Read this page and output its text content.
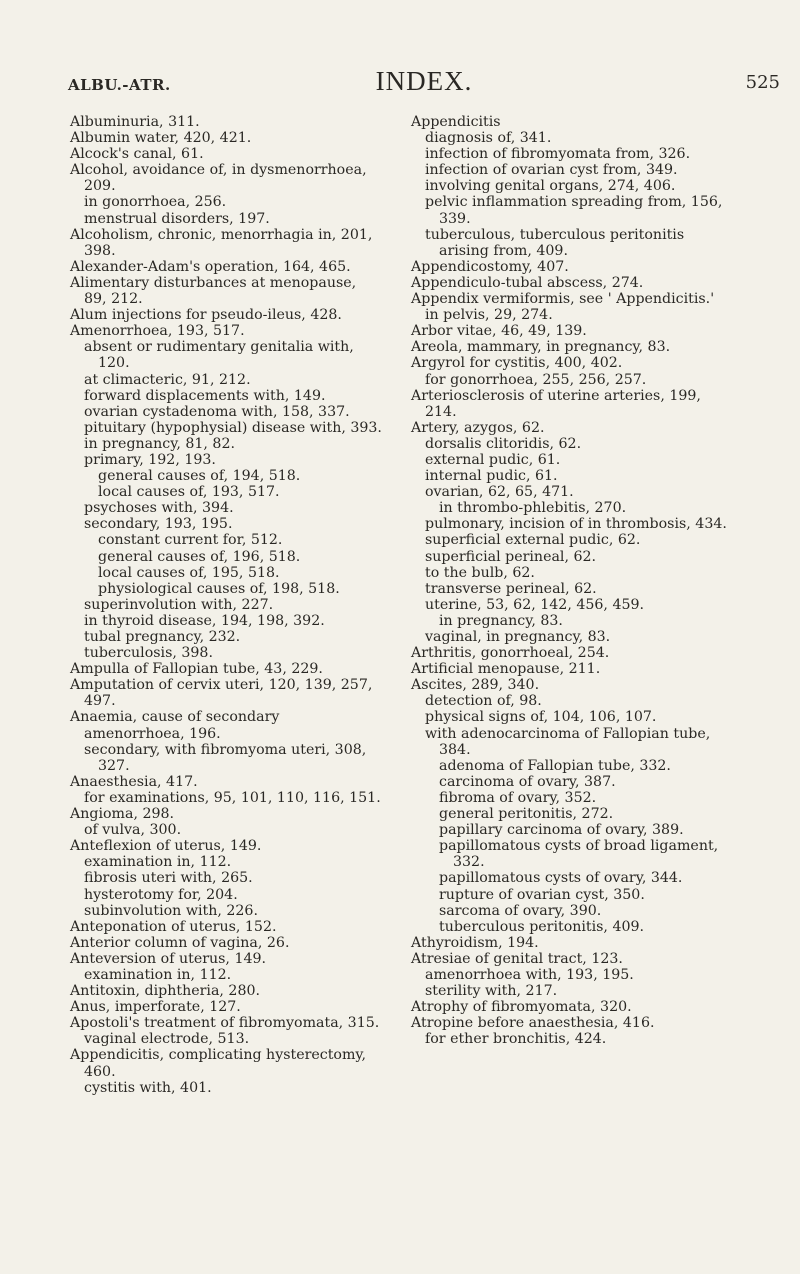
ALBU.-ATR.	INDEX.	525

Albuminuria, 311.

Albumin water, 420, 421.

Alcock's canal, 61.

Alcohol, avoidance of, in dysmenorrhoea, 209.

in gonorrhoea, 256.

menstrual disorders, 197.

Alcoholism, chronic, menorrhagia in, 201, 398.

Alexander-Adam's operation, 164, 465.

Alimentary disturbances at menopause, 89, 212.

Alum injections for pseudo-ileus, 428.

Amenorrhoea, 193, 517.

absent or rudimentary genitalia with, 120.

at climacteric, 91, 212.

forward displacements with, 149.

ovarian cystadenoma with, 158, 337.

pituitary (hypophysial) disease with, 393.

in pregnancy, 81, 82.

primary, 192, 193.

general causes of, 194, 518.

local causes of, 193, 517.

psychoses with, 394.

secondary, 193, 195.

constant current for, 512.

general causes of, 196, 518.

local causes of, 195, 518.

physiological causes of, 198, 518.

superinvolution with, 227.

in thyroid disease, 194, 198, 392.

tubal pregnancy, 232.

tuberculosis, 398.

Ampulla of Fallopian tube, 43, 229.

Amputation of cervix uteri, 120, 139, 257, 497.

Anaemia, cause of secondary amenorrhoea, 196.

secondary, with fibromyoma uteri, 308, 327.

Anaesthesia, 417.

for examinations, 95, 101, 110, 116, 151.

Angioma, 298.

of vulva, 300.

Anteflexion of uterus, 149.

examination in, 112.

fibrosis uteri with, 265.

hysterotomy for, 204.

subinvolution with, 226.

Anteponation of uterus, 152.

Anterior column of vagina, 26.

Anteversion of uterus, 149.

examination in, 112.

Antitoxin, diphtheria, 280.

Anus, imperforate, 127.

Apostoli's treatment of fibromyomata, 315.

vaginal electrode, 513.

Appendicitis, complicating hysterectomy, 460.

cystitis with, 401.

Appendicitis

diagnosis of, 341.

infection of fibromyomata from, 326.

infection of ovarian cyst from, 349.

involving genital organs, 274, 406.

pelvic inflammation spreading from, 156, 339.

tuberculous, tuberculous peritonitis arising from, 409.

Appendicostomy, 407.

Appendiculo-tubal abscess, 274.

Appendix vermiformis, see ' Appendicitis.'

in pelvis, 29, 274.

Arbor vitae, 46, 49, 139.

Areola, mammary, in pregnancy, 83.

Argyrol for cystitis, 400, 402.

for gonorrhoea, 255, 256, 257.

Arteriosclerosis of uterine arteries, 199, 214.

Artery, azygos, 62.

dorsalis clitoridis, 62.

external pudic, 61.

internal pudic, 61.

ovarian, 62, 65, 471.

in thrombo-phlebitis, 270.

pulmonary, incision of in thrombosis, 434.

superficial external pudic, 62.

superficial perineal, 62.

to the bulb, 62.

transverse perineal, 62.

uterine, 53, 62, 142, 456, 459.

in pregnancy, 83.

vaginal, in pregnancy, 83.

Arthritis, gonorrhoeal, 254.

Artificial menopause, 211.

Ascites, 289, 340.

detection of, 98.

physical signs of, 104, 106, 107.

with adenocarcinoma of Fallopian tube, 384.

adenoma of Fallopian tube, 332.

carcinoma of ovary, 387.

fibroma of ovary, 352.

general peritonitis, 272.

papillary carcinoma of ovary, 389.

papillomatous cysts of broad ligament, 332.

papillomatous cysts of ovary, 344.

rupture of ovarian cyst, 350.

sarcoma of ovary, 390.

tuberculous peritonitis, 409.

Athyroidism, 194.

Atresiae of genital tract, 123.

amenorrhoea with, 193, 195.

sterility with, 217.

Atrophy of fibromyomata, 320.

Atropine before anaesthesia, 416.

for ether bronchitis, 424.
